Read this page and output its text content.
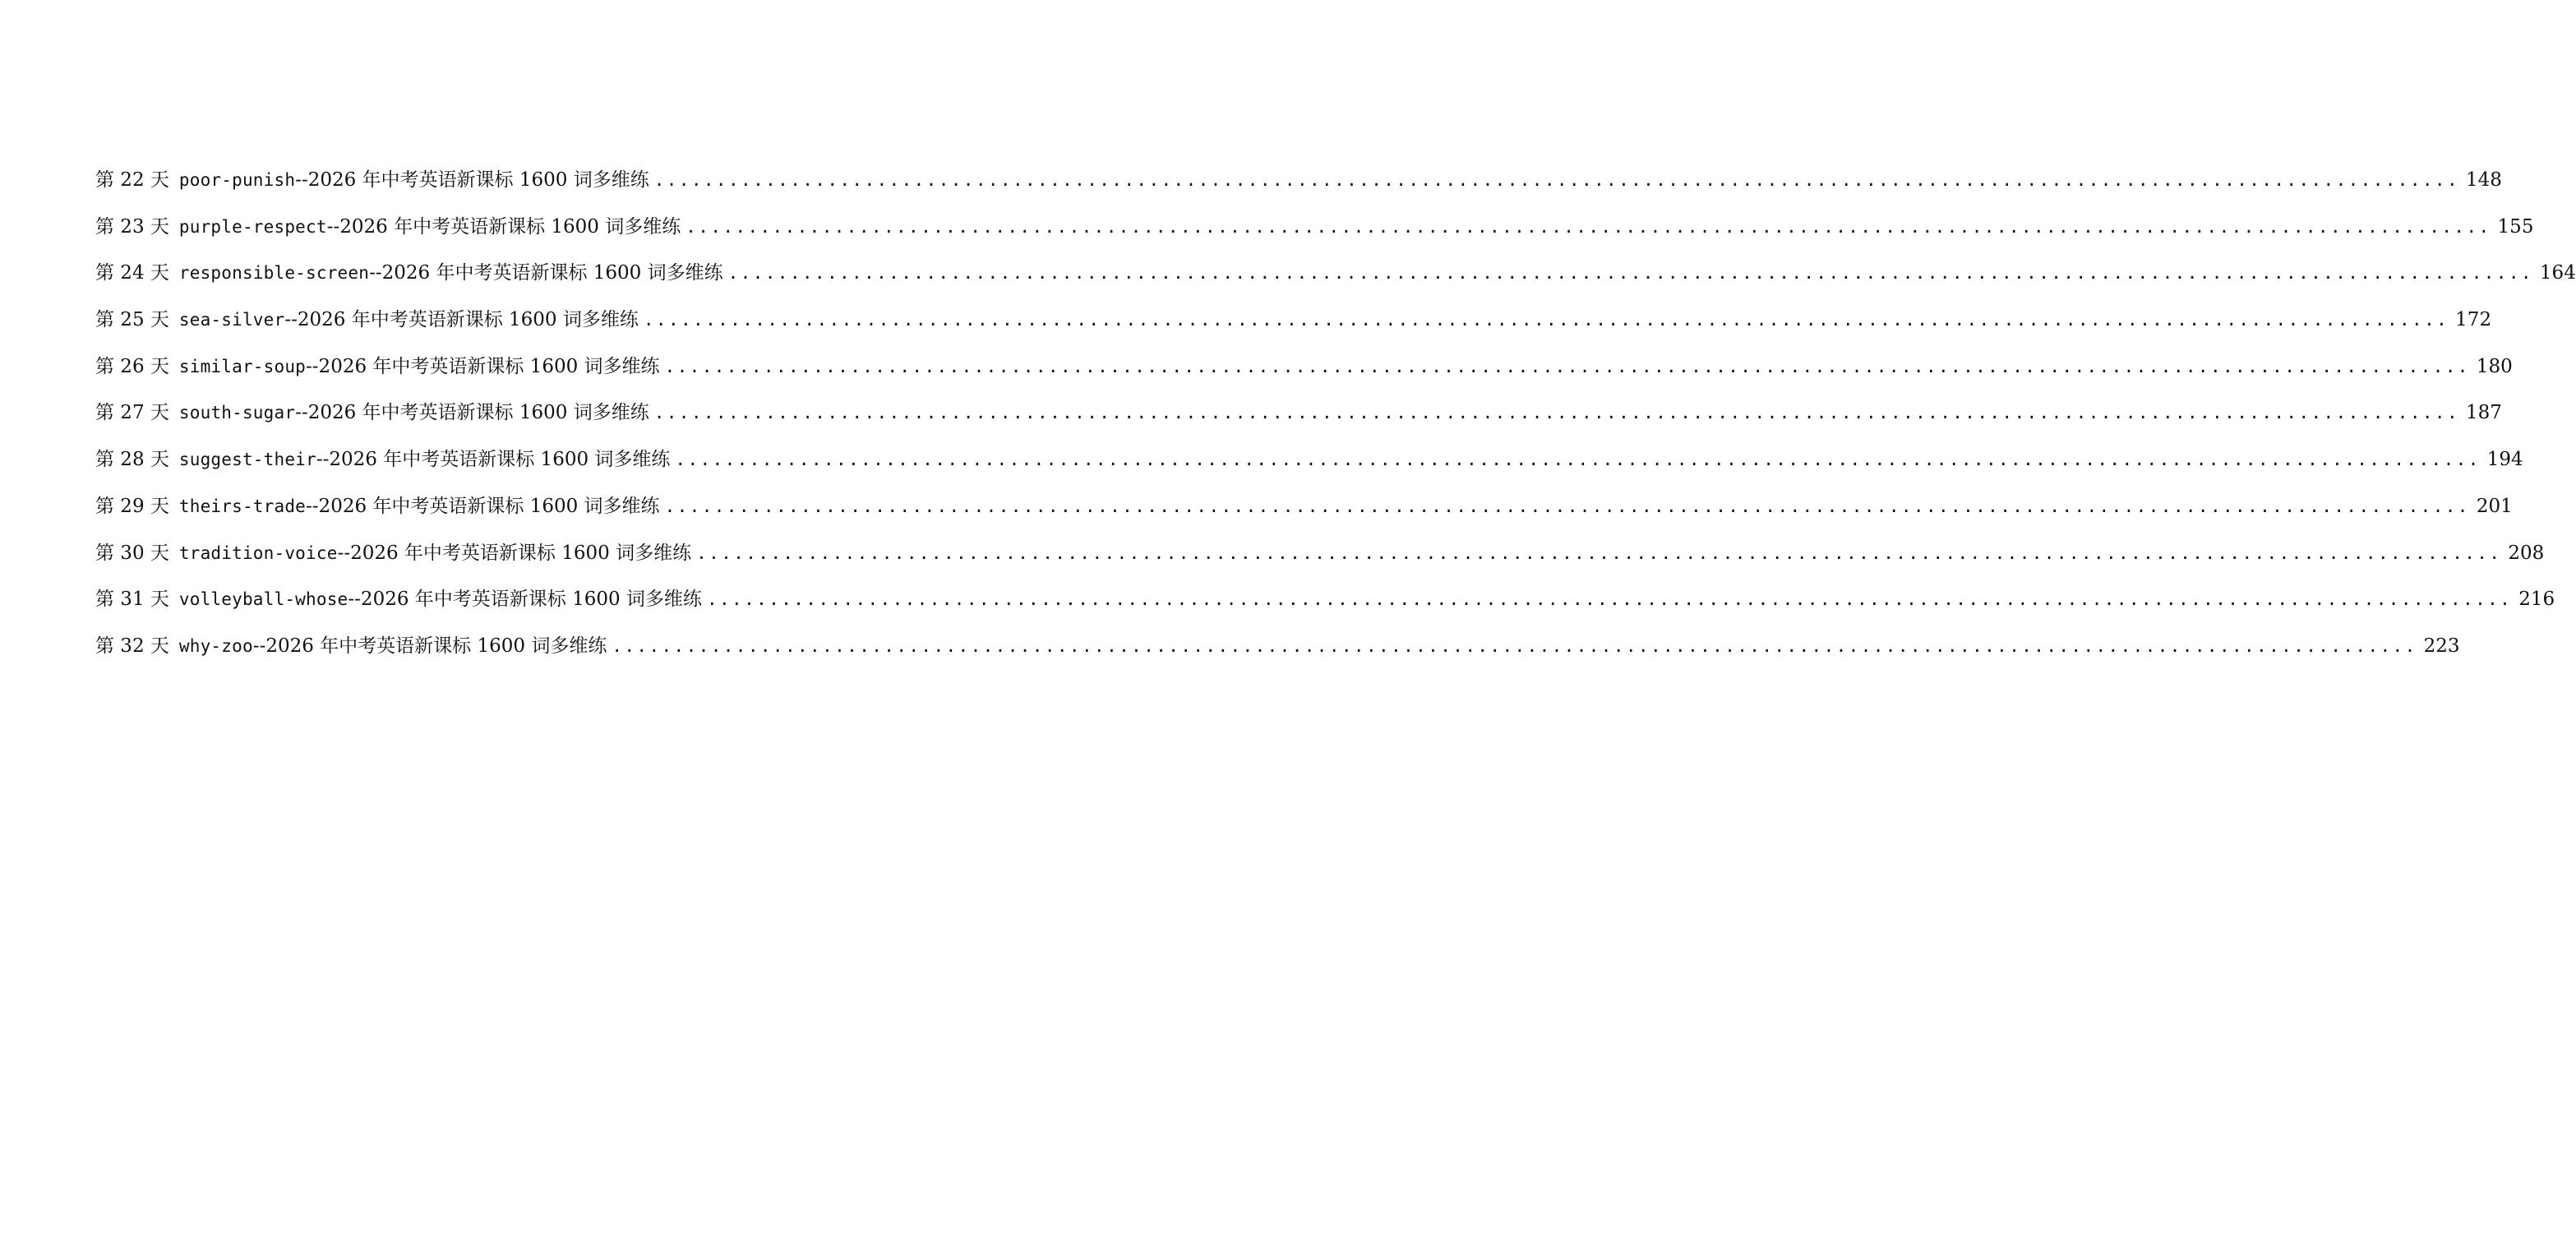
第 22 天 poor-punish--2026 年中考英语新课标 1600 词多维练 .................................................................................................................................................. 148
第 23 天 purple-respect--2026 年中考英语新课标 1600 词多维练 .................................................................................................................................................. 155
第 24 天 responsible-screen--2026 年中考英语新课标 1600 词多维练 .................................................................................................................................................. 164
第 25 天 sea-silver--2026 年中考英语新课标 1600 词多维练 .................................................................................................................................................. 172
第 26 天 similar-soup--2026 年中考英语新课标 1600 词多维练 .................................................................................................................................................. 180
第 27 天 south-sugar--2026 年中考英语新课标 1600 词多维练 .................................................................................................................................................. 187
第 28 天 suggest-their--2026 年中考英语新课标 1600 词多维练 .................................................................................................................................................. 194
第 29 天 theirs-trade--2026 年中考英语新课标 1600 词多维练 .................................................................................................................................................. 201
第 30 天 tradition-voice--2026 年中考英语新课标 1600 词多维练 .................................................................................................................................................. 208
第 31 天 volleyball-whose--2026 年中考英语新课标 1600 词多维练 .................................................................................................................................................. 216
第 32 天 why-zoo--2026 年中考英语新课标 1600 词多维练 .................................................................................................................................................. 223
